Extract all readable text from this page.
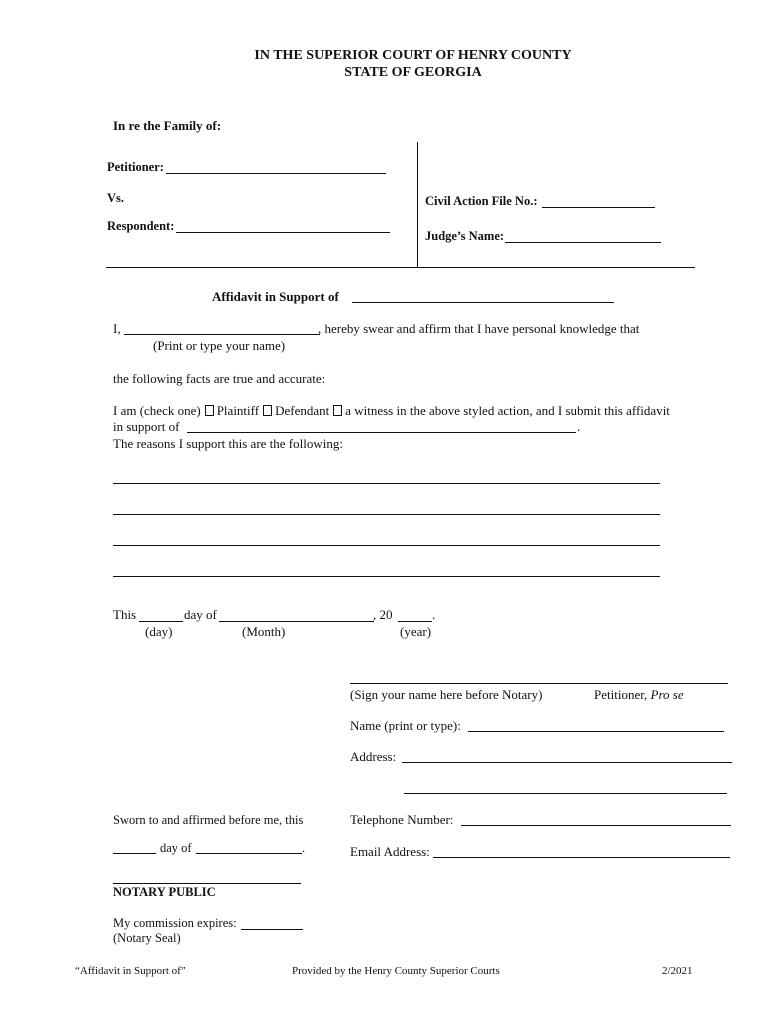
IN THE SUPERIOR COURT OF HENRY COUNTY
STATE OF GEORGIA
In re the Family of:
Petitioner:
Vs.
Respondent:
Civil Action File No.:
Judge’s Name:
Affidavit in Support of
I,	, hereby swear and affirm that I have personal knowledge that
(Print or type your name)
the following facts are true and accurate:
I am (check one) Plaintiff Defendant a witness in the above styled action, and I submit this affidavit
in support of	.
The reasons I support this are the following:
This	day of	, 20	.
(day)	(Month)	(year)
(Sign your name here before Notary)	Petitioner, Pro se
Name (print or type):
Address:
Telephone Number:
Email Address:
Sworn to and affirmed before me, this
day of	.
NOTARY PUBLIC
My commission expires:
(Notary Seal)
“Affidavit in Support of”	Provided by the Henry County Superior Courts	2/2021
